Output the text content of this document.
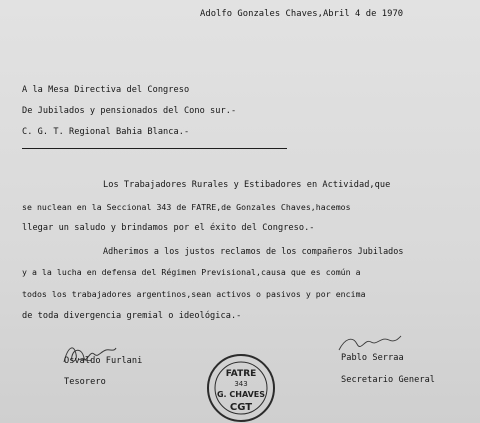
Adolfo Gonzales Chaves,Abril 4 de 1970
A la Mesa Directiva del Congreso
De Jubilados y pensionados del Cono sur.-
C. G. T. Regional Bahia Blanca.-
Los Trabajadores Rurales y Estibadores en Actividad,que
se nuclean en la Seccional 343 de FATRE,de Gonzales Chaves,hacemos
llegar un saludo y brindamos por el éxito del Congreso.-
Adherimos a los justos reclamos de los compañeros Jubilados
y a la lucha en defensa del Régimen Previsional,causa que es común a
todos los trabajadores argentinos,sean activos o pasivos y por encima
de toda divergencia gremial o ideológica.-
Osvaldo Furlani
Tesorero
FATRE
343
G. CHAVES
CGT
Pablo Serraa
Secretario General
